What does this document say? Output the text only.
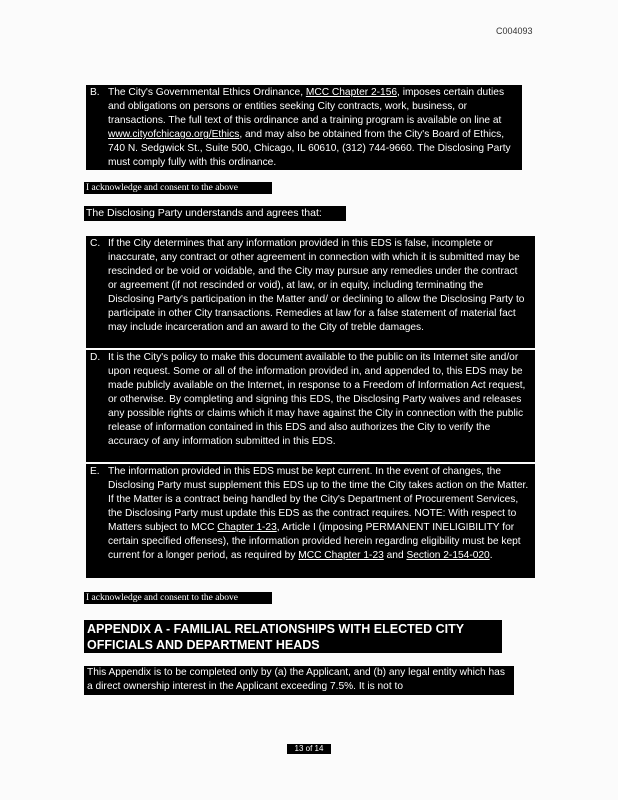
C004093
B. The City's Governmental Ethics Ordinance, MCC Chapter 2-156, imposes certain duties and obligations on persons or entities seeking City contracts, work, business, or transactions. The full text of this ordinance and a training program is available on line at www.cityofchicago.org/Ethics, and may also be obtained from the City's Board of Ethics, 740 N. Sedgwick St., Suite 500, Chicago, IL 60610, (312) 744-9660. The Disclosing Party must comply fully with this ordinance.

I acknowledge and consent to the above
The Disclosing Party understands and agrees that:
C. If the City determines that any information provided in this EDS is false, incomplete or inaccurate, any contract or other agreement in connection with which it is submitted may be rescinded or be void or voidable, and the City may pursue any remedies under the contract or agreement (if not rescinded or void), at law, or in equity, including terminating the Disclosing Party's participation in the Matter and/ or declining to allow the Disclosing Party to participate in other City transactions. Remedies at law for a false statement of material fact may include incarceration and an award to the City of treble damages.

D. It is the City's policy to make this document available to the public on its Internet site and/or upon request. Some or all of the information provided in, and appended to, this EDS may be made publicly available on the Internet, in response to a Freedom of Information Act request, or otherwise. By completing and signing this EDS, the Disclosing Party waives and releases any possible rights or claims which it may have against the City in connection with the public release of information contained in this EDS and also authorizes the City to verify the accuracy of any information submitted in this EDS.

E. The information provided in this EDS must be kept current. In the event of changes, the Disclosing Party must supplement this EDS up to the time the City takes action on the Matter. If the Matter is a contract being handled by the City's Department of Procurement Services, the Disclosing Party must update this EDS as the contract requires. NOTE: With respect to Matters subject to MCC Chapter 1-23, Article I (imposing PERMANENT INELIGIBILITY for certain specified offenses), the information provided herein regarding eligibility must be kept current for a longer period, as required by MCC Chapter 1-23 and Section 2-154-020.

I acknowledge and consent to the above
APPENDIX A - FAMILIAL RELATIONSHIPS WITH ELECTED CITY OFFICIALS AND DEPARTMENT HEADS
This Appendix is to be completed only by (a) the Applicant, and (b) any legal entity which has a direct ownership interest in the Applicant exceeding 7.5%. It is not to
13 of 14
